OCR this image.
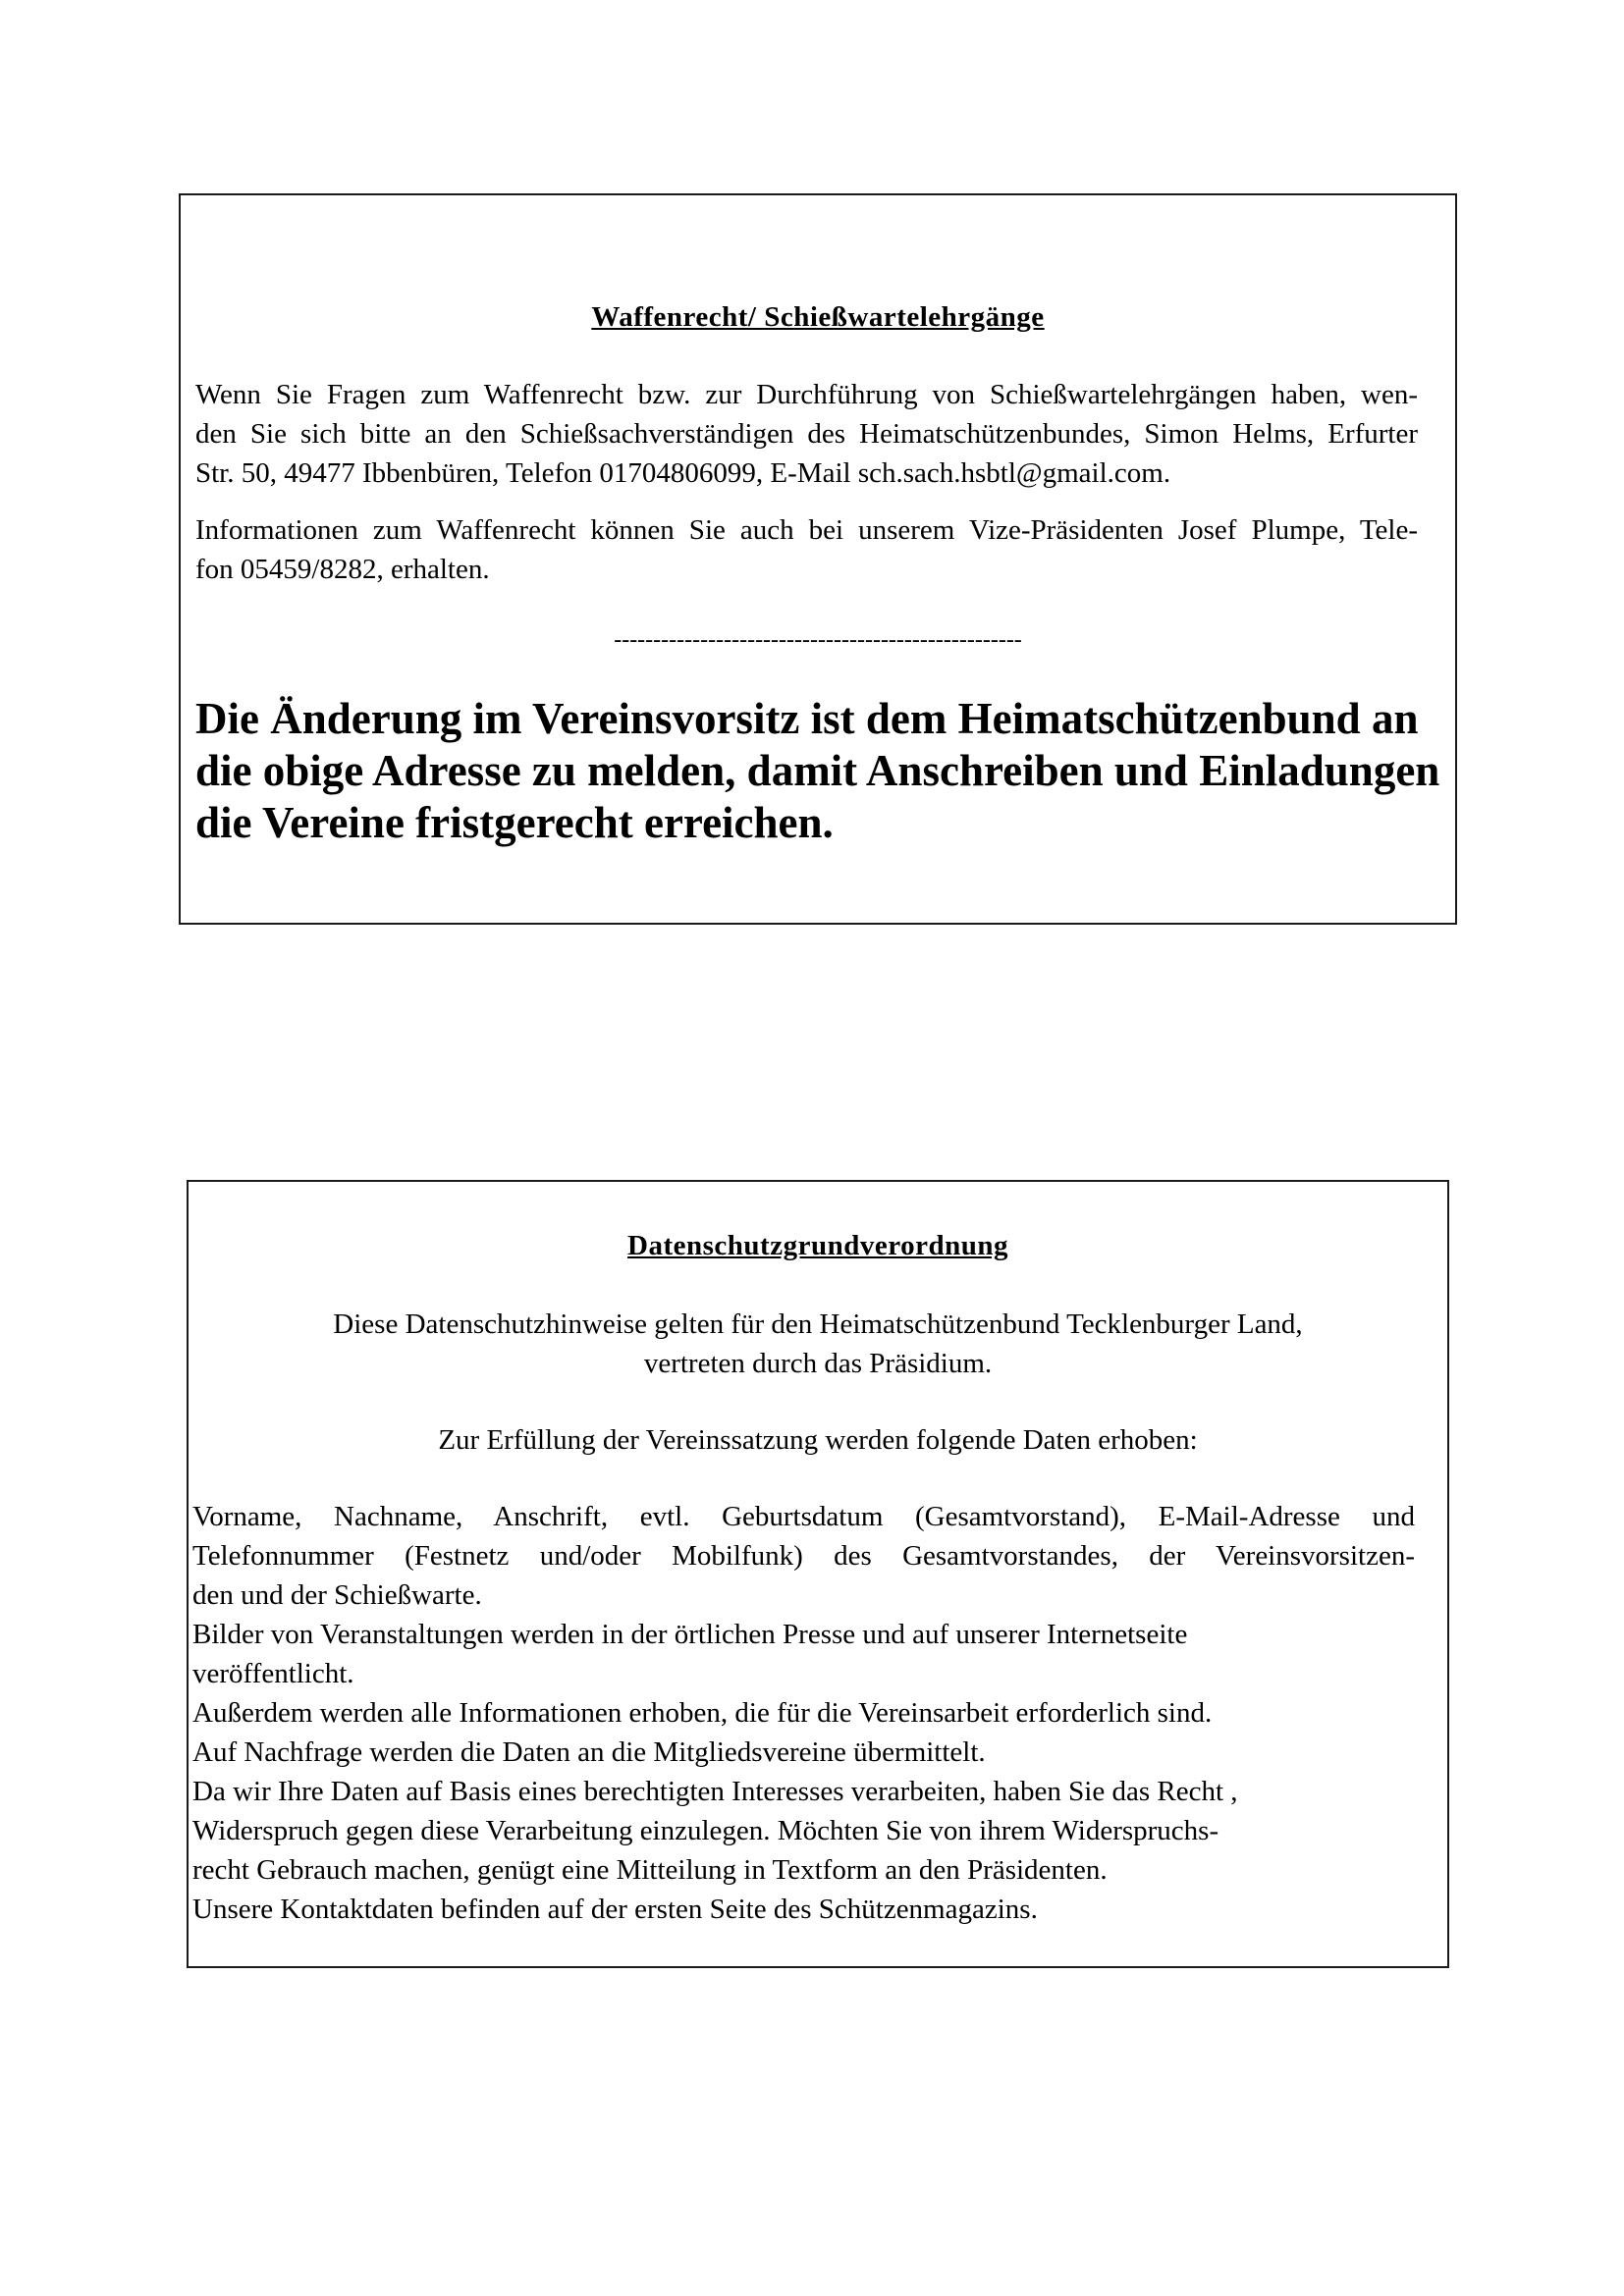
Waffenrecht/ Schießwartelehrgänge
Wenn Sie Fragen zum Waffenrecht bzw. zur Durchführung von Schießwartelehrgängen haben, wen-
den Sie sich bitte an den Schießsachverständigen des Heimatschützenbundes, Simon Helms, Erfurter
Str. 50, 49477 Ibbenbüren, Telefon 01704806099, E-Mail sch.sach.hsbtl@gmail.com.
Informationen zum Waffenrecht können Sie auch bei unserem Vize-Präsidenten Josef Plumpe, Tele-
fon 05459/8282, erhalten.
----------------------------------------------------
Die Änderung im Vereinsvorsitz ist dem Heimatschützenbund an
die obige Adresse zu melden, damit Anschreiben und Einladungen
die Vereine fristgerecht erreichen.
Datenschutzgrundverordnung
Diese Datenschutzhinweise gelten für den Heimatschützenbund Tecklenburger Land,
vertreten durch das Präsidium.
Zur Erfüllung der Vereinssatzung werden folgende Daten erhoben:
Vorname, Nachname, Anschrift, evtl. Geburtsdatum (Gesamtvorstand), E-Mail-Adresse und
Telefonnummer (Festnetz und/oder Mobilfunk) des Gesamtvorstandes, der Vereinsvorsitzen-
den und der Schießwarte.
Bilder von Veranstaltungen werden in der örtlichen Presse und auf unserer Internetseite
veröffentlicht.
Außerdem werden alle Informationen erhoben, die für die Vereinsarbeit erforderlich sind.
Auf Nachfrage werden die Daten an die Mitgliedsvereine übermittelt.
Da wir Ihre Daten auf Basis eines berechtigten Interesses verarbeiten, haben Sie das Recht ,
Widerspruch gegen diese Verarbeitung einzulegen. Möchten Sie von ihrem Widerspruchs-
recht Gebrauch machen, genügt eine Mitteilung in Textform an den Präsidenten.
Unsere Kontaktdaten befinden auf der ersten Seite des Schützenmagazins.
